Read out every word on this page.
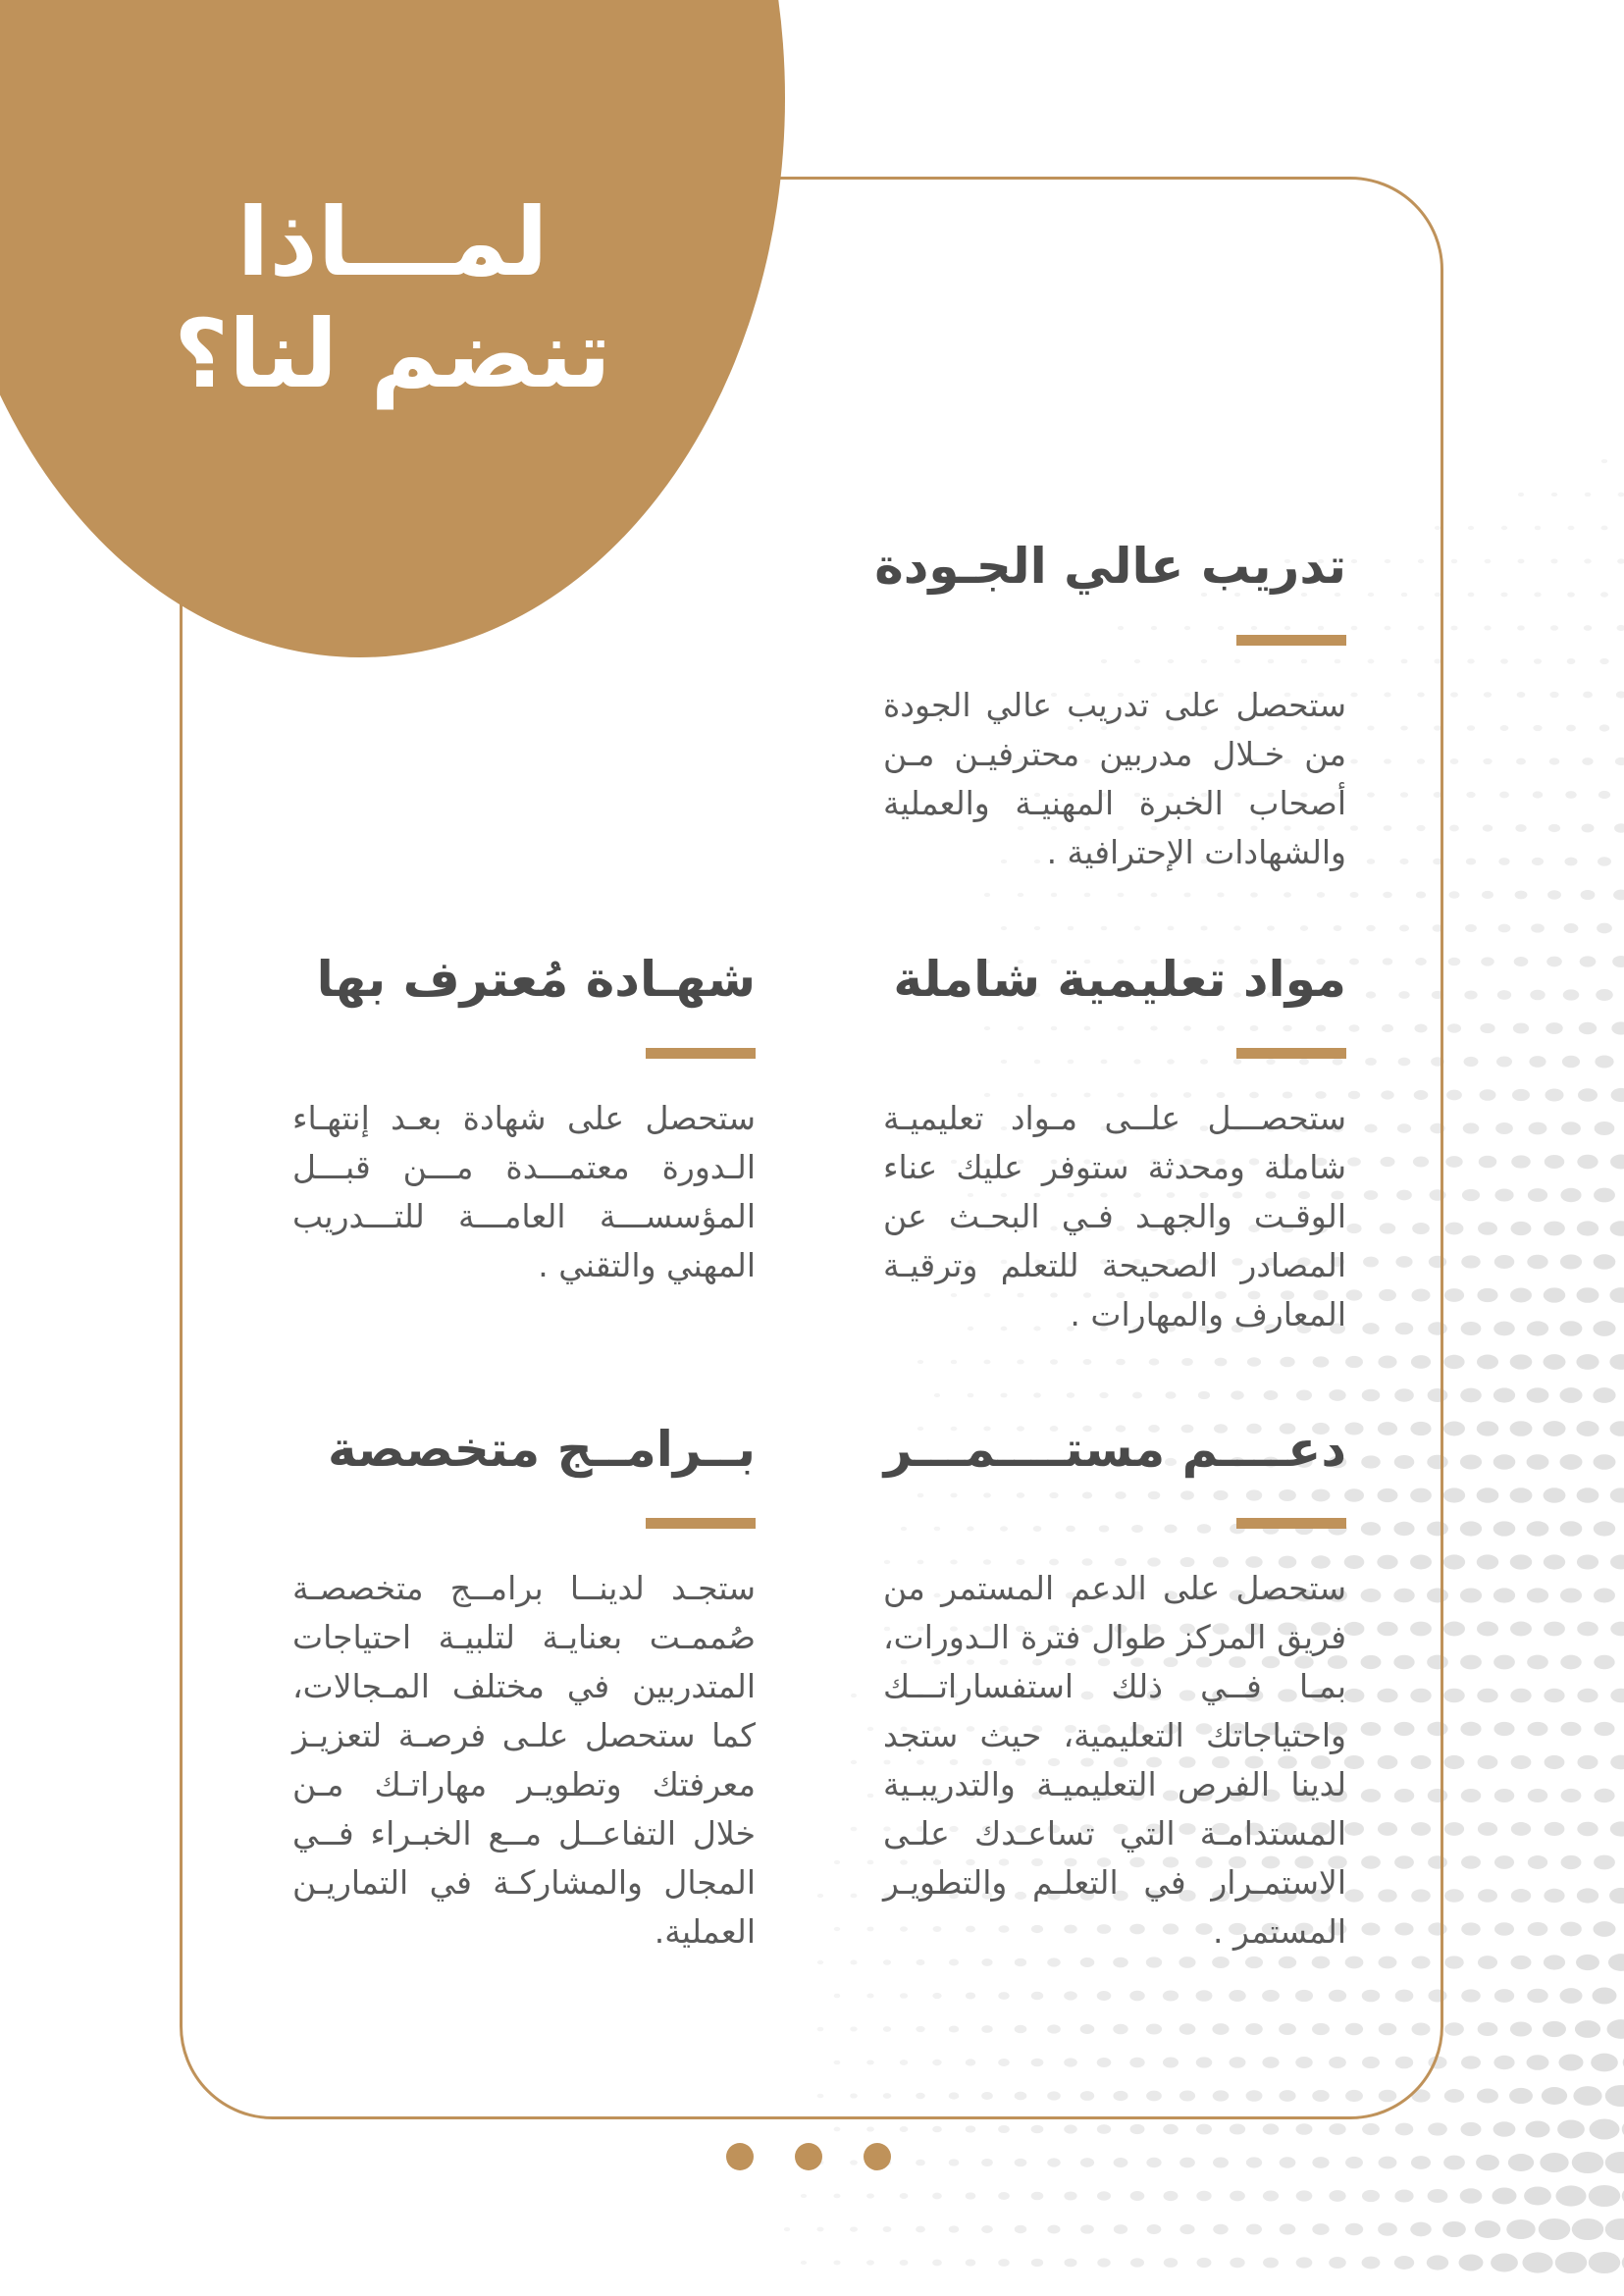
لمـــاذا
تنضم لنا؟
تدريب عالي الجـودة
ستحصل على تدريب عالي الجودة من خـلال مدربين محترفيـن مـن أصحاب الخبرة المهنيـة والعملية والشهادات الإحترافية .
مواد تعليمية شاملة
ستحصـــل علــى مـواد تعليميـة شاملة ومحدثة ستوفر عليك عناء الوقـت والجهـد فـي البحـث عن المصادر الصحيحة للتعلم وترقيـة المعارف والمهارات .
شهـادة مُعترف بها
ستحصل على شهادة بعـد إنتهـاء الـدورة معتمـــدة مـــن قبـــل المؤسســـة العامـــة للتـــدريب المهني والتقني .
دعــــم مستــــمـــر
ستحصل على الدعم المستمر من فريق المركز طوال فترة الـدورات، بمـا فــي ذلك استفساراتـــك واحتياجاتك التعليمية، حيث ستجد لدينا الفرص التعليميـة والتدريبـية المستدامـة التي تساعـدك علـى الاستمـرار في التعلـم والتطويـر المستمر .
بــرامــج متخصصة
ستجـد لدينــا برامــج متخصصـة صُممـت بعنايـة لتلبيـة احتياجات المتدربين في مختلف المـجالات، كما ستحصل علـى فرصـة لتعزيـز معرفتك وتطويـر مهاراتـك مـن خلال التفاعــل مــع الخبـراء فــي المجال والمشاركـة في التماريـن العملية.
